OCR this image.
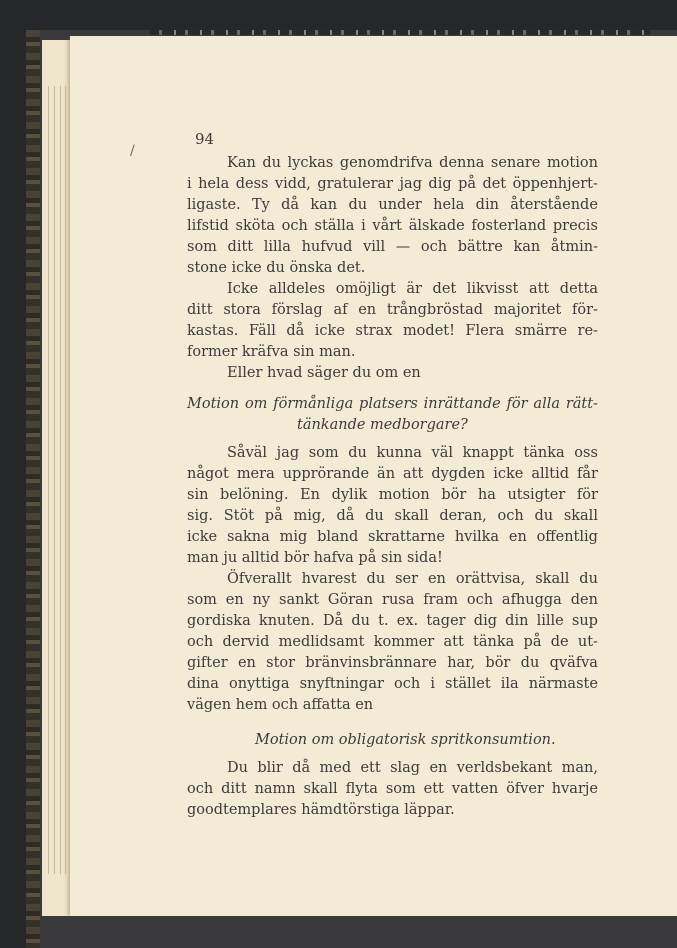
/
94
Kan du lyckas genomdrifva denna senare motion
i hela dess vidd, gratulerar jag dig på det öppenhjert-
ligaste. Ty då kan du under hela din återstående
lifstid sköta och ställa i vårt älskade fosterland precis
som ditt lilla hufvud vill — och bättre kan åtmin-
stone icke du önska det.
Icke alldeles omöjligt är det likvisst att detta
ditt stora förslag af en trångbröstad majoritet för-
kastas. Fäll då icke strax modet! Flera smärre re-
former kräfva sin man.
Eller hvad säger du om en
Motion om förmånliga platsers inrättande för alla rätt-
tänkande medborgare?
Såväl jag som du kunna väl knappt tänka oss
något mera upprörande än att dygden icke alltid får
sin belöning. En dylik motion bör ha utsigter för
sig. Stöt på mig, då du skall deran, och du skall
icke sakna mig bland skrattarne hvilka en offentlig
man ju alltid bör hafva på sin sida!
Öfverallt hvarest du ser en orättvisa, skall du
som en ny sankt Göran rusa fram och afhugga den
gordiska knuten. Då du t. ex. tager dig din lille sup
och dervid medlidsamt kommer att tänka på de ut-
gifter en stor bränvinsbrännare har, bör du qväfva
dina onyttiga snyftningar och i stället ila närmaste
vägen hem och affatta en
Motion om obligatorisk spritkonsumtion.
Du blir då med ett slag en verldsbekant man,
och ditt namn skall flyta som ett vatten öfver hvarje
goodtemplares hämdtörstiga läppar.
